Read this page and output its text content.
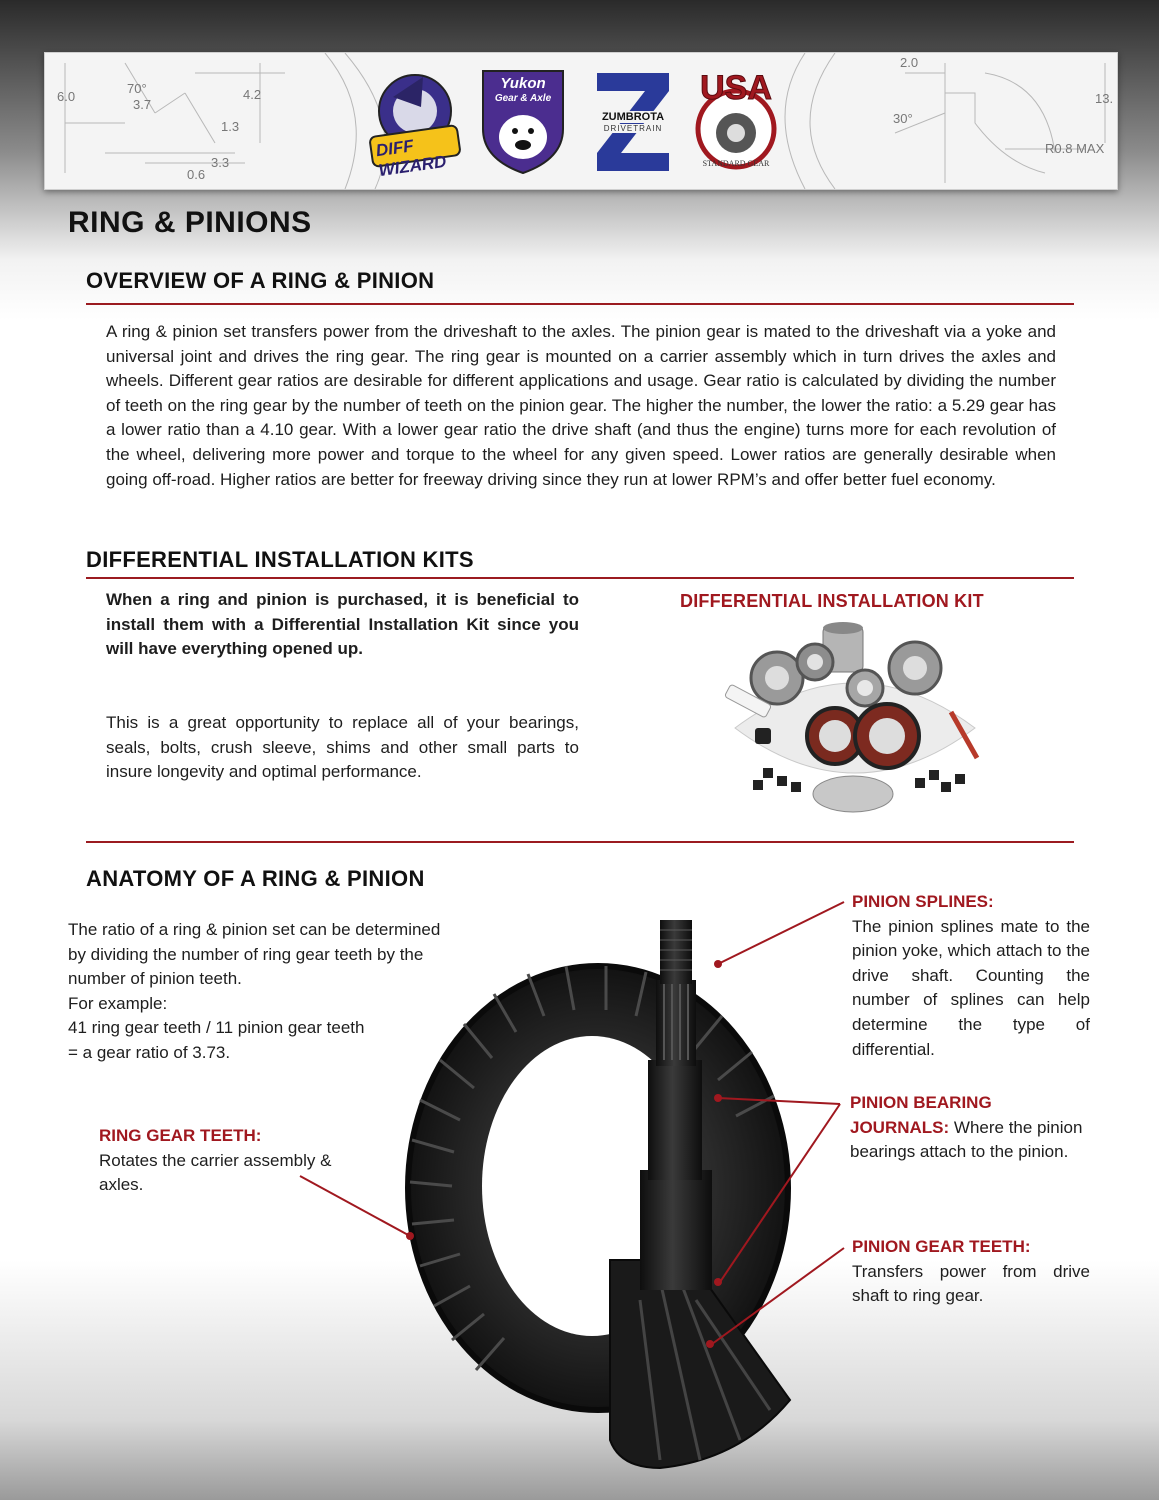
6.0
70°
3.7
4.2
1.3
3.3
0.6
2.0
30°
13.
R0.8 MAX
DIFF WIZARD
Yukon
Gear & Axle
ZUMBROTA
DRIVETRAIN
USA
STANDARD GEAR
RING & PINIONS
OVERVIEW OF A RING & PINION
A ring & pinion set transfers power from the driveshaft to the axles. The pinion gear is mated to the driveshaft via a yoke and universal joint and drives the ring gear. The ring gear is mounted on a carrier assembly which in turn drives the axles and wheels. Different gear ratios are desirable for different applications and usage. Gear ratio is calculated by dividing the number of teeth on the ring gear by the number of teeth on the pinion gear. The higher the number, the lower the ratio: a 5.29 gear has a lower ratio than a 4.10 gear. With a lower gear ratio the drive shaft (and thus the engine) turns more for each revolution of the wheel, delivering more power and torque to the wheel for any given speed. Lower ratios are generally desirable when going off-road. Higher ratios are better for freeway driving since they run at lower RPM’s and offer better fuel economy.
DIFFERENTIAL INSTALLATION KITS
When a ring and pinion is purchased, it is beneficial to install them with a Differential Installation Kit since you will have everything opened up.
This is a great opportunity to replace all of your bearings, seals, bolts, crush sleeve, shims and other small parts to insure longevity and optimal performance.
DIFFERENTIAL INSTALLATION KIT
ANATOMY OF A RING & PINION
The ratio of a ring & pinion set can be determined by dividing the number of ring gear teeth by the number of pinion teeth.
For example:
41 ring gear teeth / 11 pinion gear teeth
= a gear ratio of 3.73.
RING GEAR TEETH:
Rotates the carrier assembly & axles.
PINION SPLINES:
The pinion splines mate to the pinion yoke, which attach to the drive shaft. Counting the number of splines can help determine the type of differential.
PINION BEARING
JOURNALS: Where the pinion
bearings attach to the pinion.
PINION GEAR TEETH:
Transfers power from drive shaft to ring gear.
